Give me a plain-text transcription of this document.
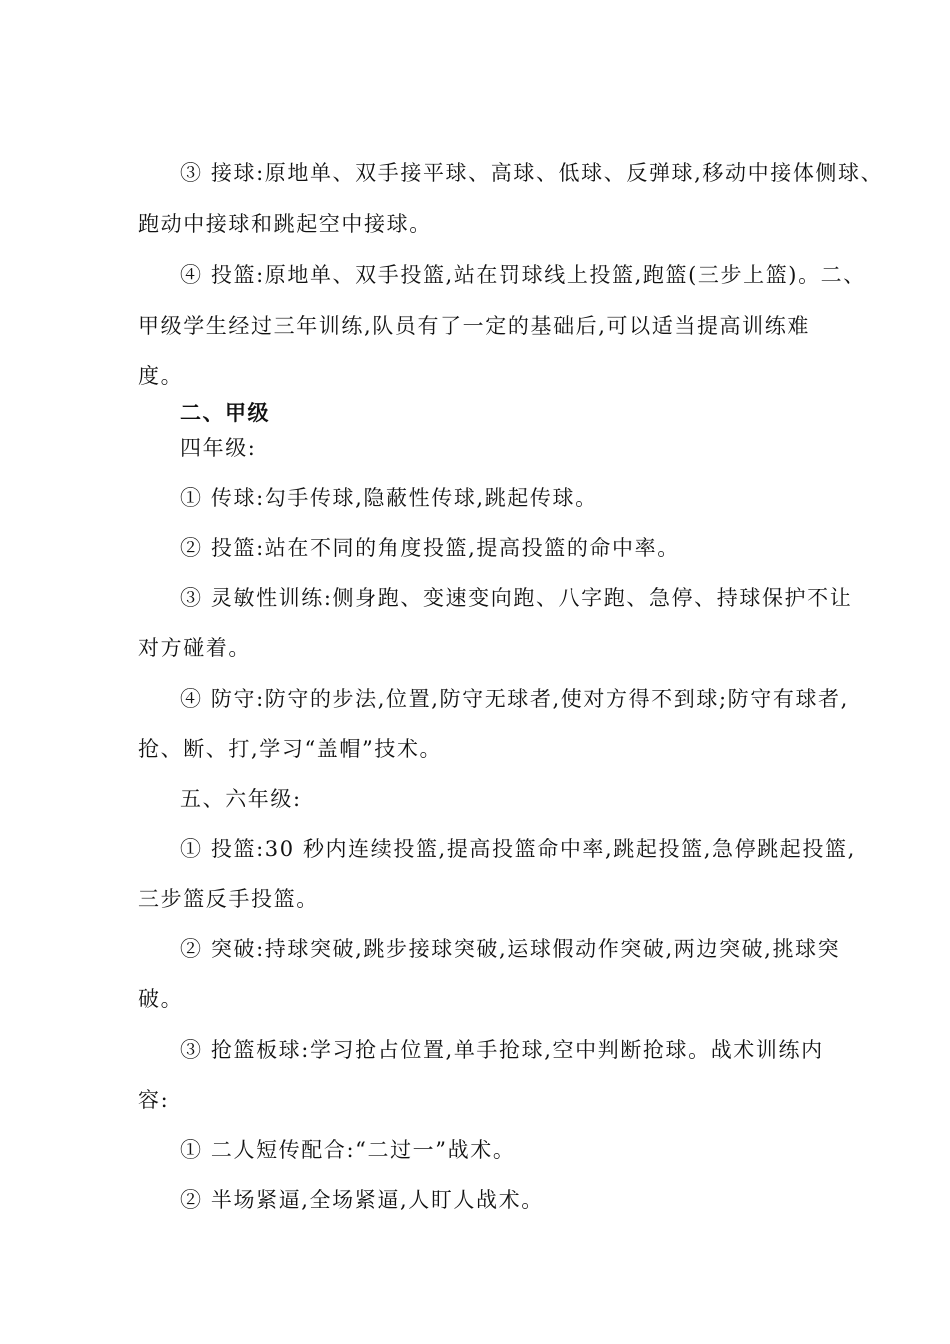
③ 接球:原地单、双手接平球、高球、低球、反弹球,移动中接体侧球、
跑动中接球和跳起空中接球。
④ 投篮:原地单、双手投篮,站在罚球线上投篮,跑篮(三步上篮)。二、
甲级学生经过三年训练,队员有了一定的基础后,可以适当提高训练难
度。
二、甲级
四年级:
① 传球:勾手传球,隐蔽性传球,跳起传球。
② 投篮:站在不同的角度投篮,提高投篮的命中率。
③ 灵敏性训练:侧身跑、变速变向跑、八字跑、急停、持球保护不让
对方碰着。
④ 防守:防守的步法,位置,防守无球者,使对方得不到球;防守有球者,
抢、断、打,学习“盖帽”技术。
五、六年级:
① 投篮:30 秒内连续投篮,提高投篮命中率,跳起投篮,急停跳起投篮,
三步篮反手投篮。
② 突破:持球突破,跳步接球突破,运球假动作突破,两边突破,挑球突
破。
③ 抢篮板球:学习抢占位置,单手抢球,空中判断抢球。战术训练内
容:
① 二人短传配合:“二过一”战术。
② 半场紧逼,全场紧逼,人盯人战术。
